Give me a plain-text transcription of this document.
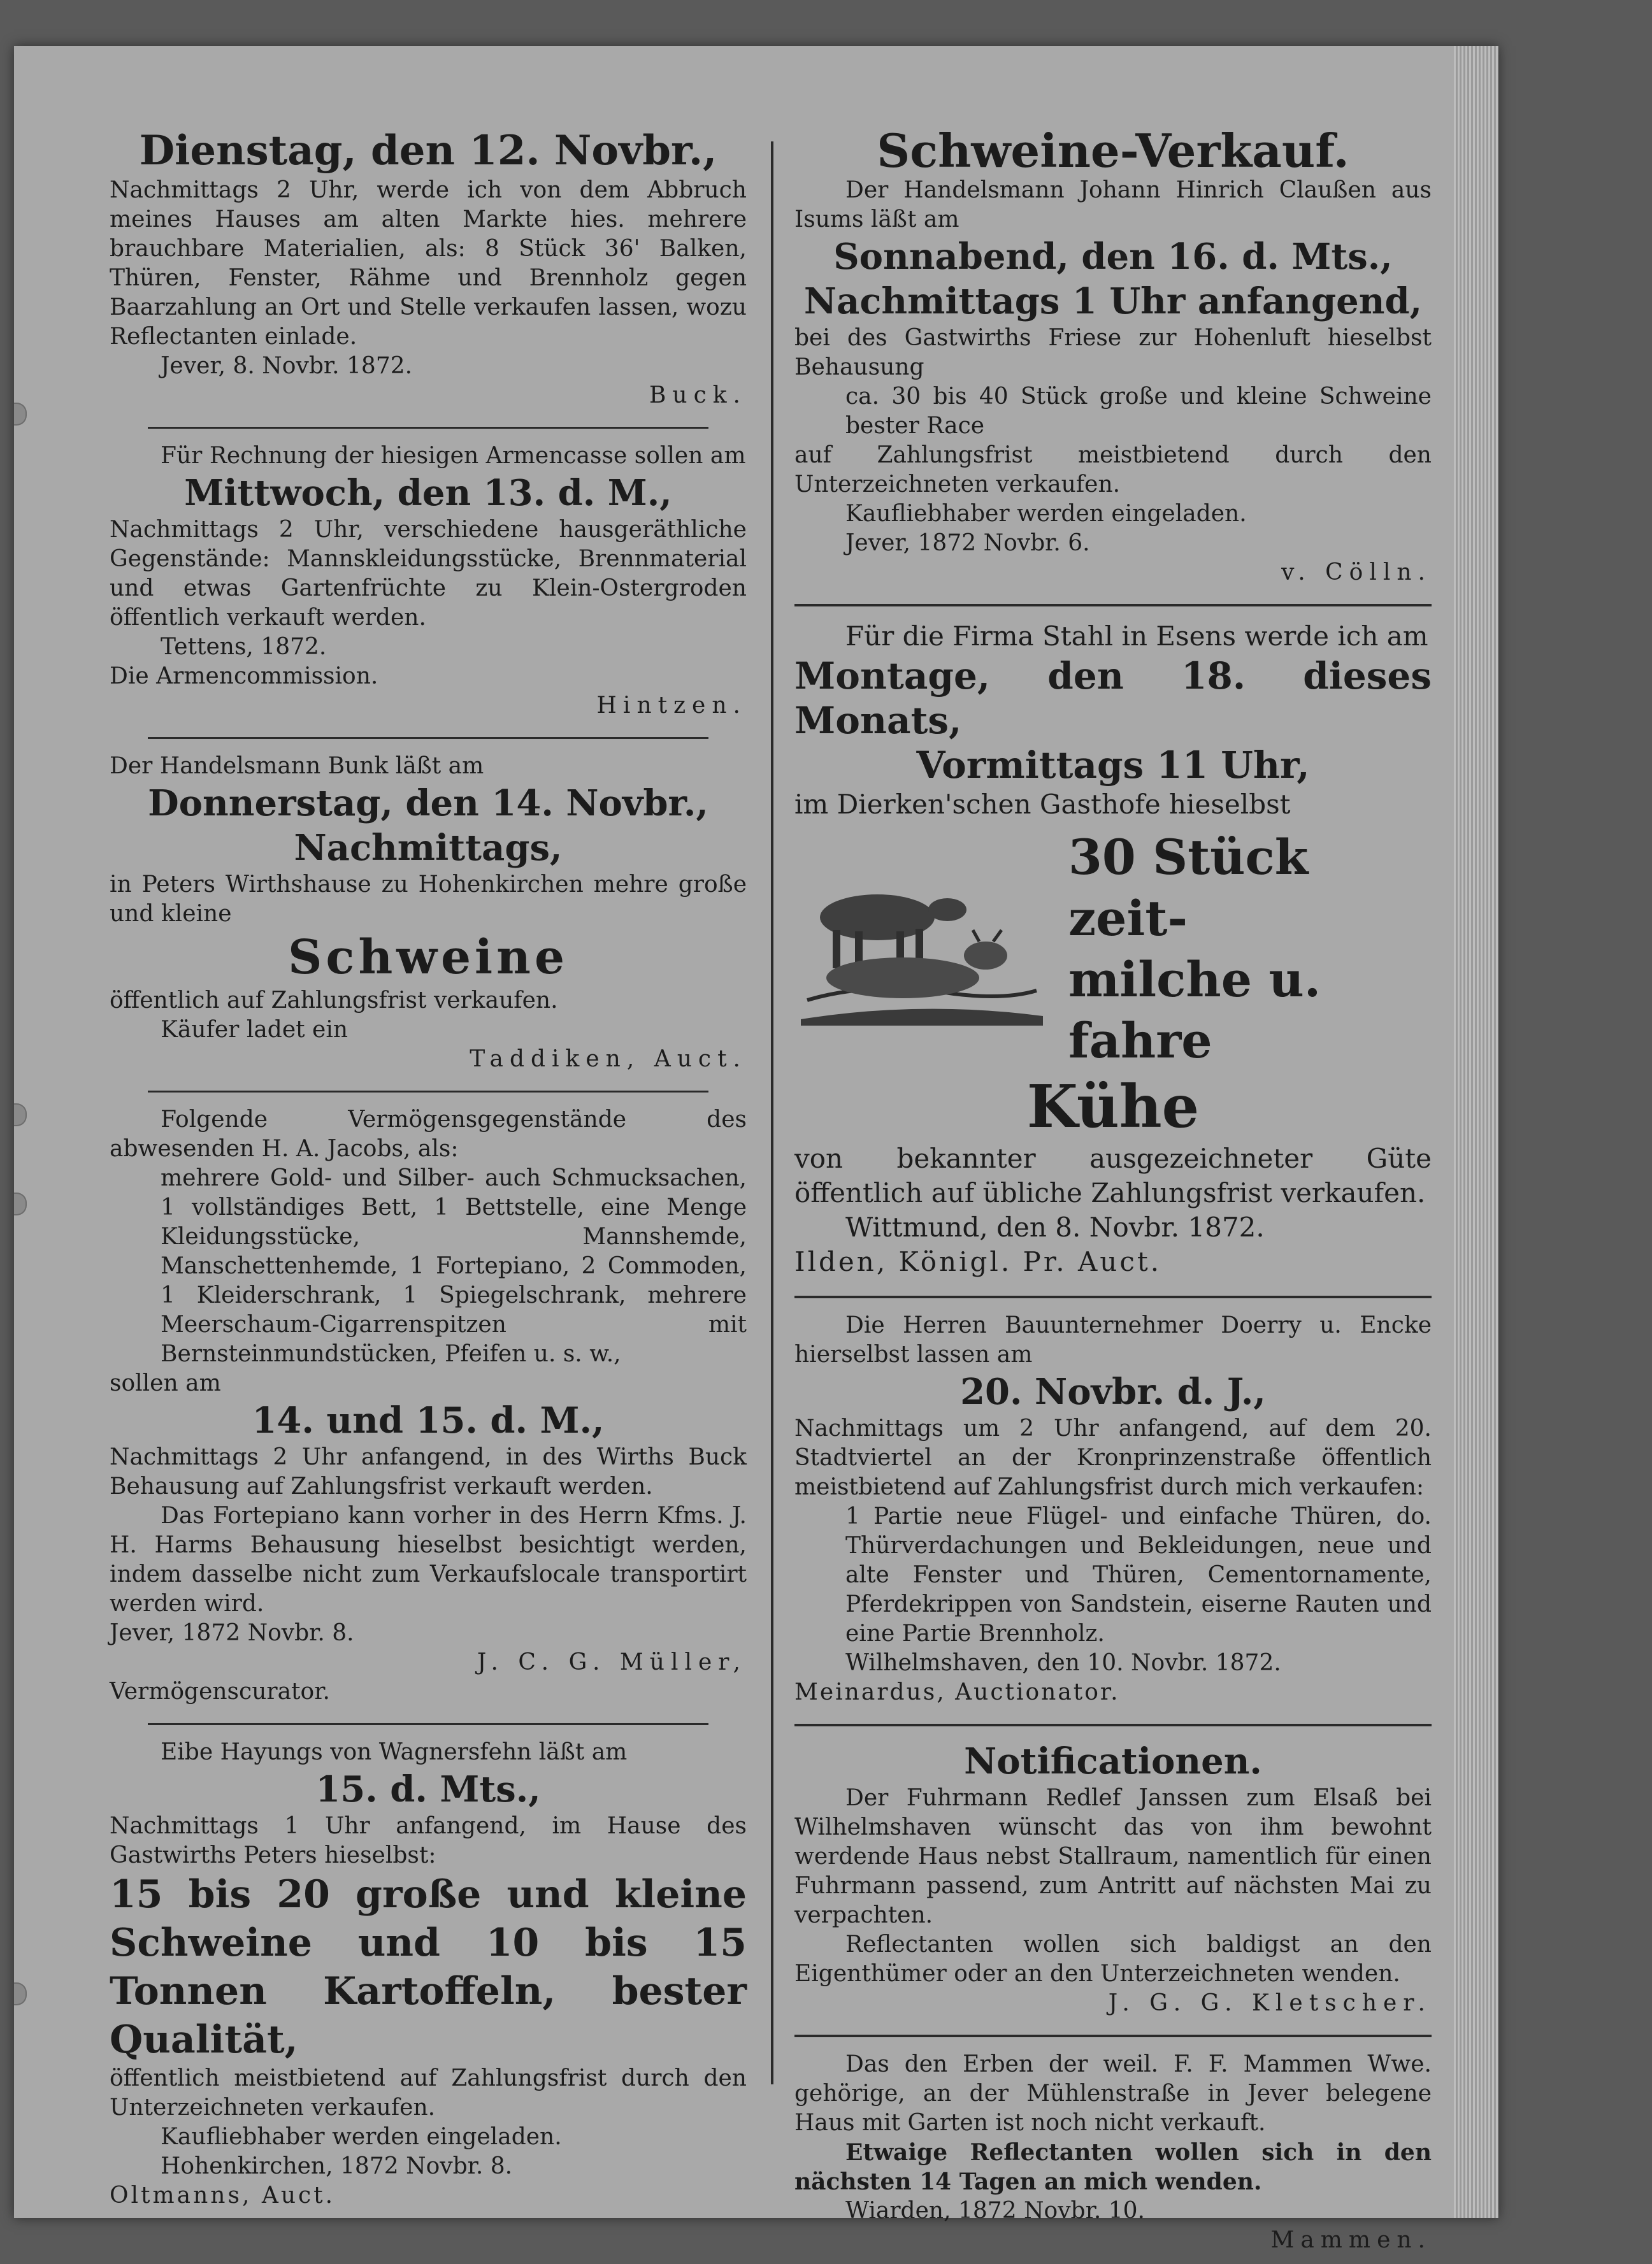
Dienstag, den 12. Novbr.,
Nachmittags 2 Uhr, werde ich von dem Abbruch meines Hauses am alten Markte hies. mehrere brauchbare Materialien, als: 8 Stück 36' Balken, Thüren, Fenster, Rähme und Brennholz gegen Baarzahlung an Ort und Stelle verkaufen lassen, wozu Reflectanten einlade.
Jever, 8. Novbr. 1872.
Buck.
Für Rechnung der hiesigen Armencasse sollen am
Mittwoch, den 13. d. M.,
Nachmittags 2 Uhr, verschiedene hausgeräthliche Gegenstände: Mannskleidungsstücke, Brennmaterial und etwas Gartenfrüchte zu Klein-Ostergroden öffentlich verkauft werden.
Tettens, 1872.
Die Armencommission.
Hintzen.
Der Handelsmann Bunk läßt am
Donnerstag, den 14. Novbr.,
Nachmittags,
in Peters Wirthshause zu Hohenkirchen mehre große und kleine
Schweine
öffentlich auf Zahlungsfrist verkaufen.
Käufer ladet ein
Taddiken, Auct.
Folgende Vermögensgegenstände des abwesenden H. A. Jacobs, als:
mehrere Gold- und Silber- auch Schmucksachen, 1 vollständiges Bett, 1 Bettstelle, eine Menge Kleidungsstücke, Mannshemde, Manschettenhemde, 1 Fortepiano, 2 Commoden, 1 Kleiderschrank, 1 Spiegelschrank, mehrere Meerschaum-Cigarrenspitzen mit Bernsteinmundstücken, Pfeifen u. s. w.,
sollen am
14. und 15. d. M.,
Nachmittags 2 Uhr anfangend, in des Wirths Buck Behausung auf Zahlungsfrist verkauft werden.
Das Fortepiano kann vorher in des Herrn Kfms. J. H. Harms Behausung hieselbst besichtigt werden, indem dasselbe nicht zum Verkaufslocale transportirt werden wird.
Jever, 1872 Novbr. 8.
J. C. G. Müller,
Vermögenscurator.
Eibe Hayungs von Wagnersfehn läßt am
15. d. Mts.,
Nachmittags 1 Uhr anfangend, im Hause des Gastwirths Peters hieselbst:
15 bis 20 große und kleine Schweine und 10 bis 15 Tonnen Kartoffeln, bester Qualität,
öffentlich meistbietend auf Zahlungsfrist durch den Unterzeichneten verkaufen.
Kaufliebhaber werden eingeladen.
Hohenkirchen, 1872 Novbr. 8.
Oltmanns, Auct.
Schweine-Verkauf.
Der Handelsmann Johann Hinrich Claußen aus Isums läßt am
Sonnabend, den 16. d. Mts.,
Nachmittags 1 Uhr anfangend,
bei des Gastwirths Friese zur Hohenluft hieselbst Behausung
ca. 30 bis 40 Stück große und kleine Schweine bester Race
auf Zahlungsfrist meistbietend durch den Unterzeichneten verkaufen.
Kaufliebhaber werden eingeladen.
Jever, 1872 Novbr. 6.
v. Cölln.
Für die Firma Stahl in Esens werde ich am
Montage, den 18. dieses Monats,
Vormittags 11 Uhr,
im Dierken'schen Gasthofe hieselbst
30 Stück zeit-
milche u. fahre
Kühe
von bekannter ausgezeichneter Güte öffentlich auf übliche Zahlungsfrist verkaufen.
Wittmund, den 8. Novbr. 1872.
Ilden, Königl. Pr. Auct.
Die Herren Bauunternehmer Doerry u. Encke hierselbst lassen am
20. Novbr. d. J.,
Nachmittags um 2 Uhr anfangend, auf dem 20. Stadtviertel an der Kronprinzenstraße öffentlich meistbietend auf Zahlungsfrist durch mich verkaufen:
1 Partie neue Flügel- und einfache Thüren, do. Thürverdachungen und Bekleidungen, neue und alte Fenster und Thüren, Cementornamente, Pferdekrippen von Sandstein, eiserne Rauten und eine Partie Brennholz.
Wilhelmshaven, den 10. Novbr. 1872.
Meinardus, Auctionator.
Notificationen.
Der Fuhrmann Redlef Janssen zum Elsaß bei Wilhelmshaven wünscht das von ihm bewohnt werdende Haus nebst Stallraum, namentlich für einen Fuhrmann passend, zum Antritt auf nächsten Mai zu verpachten.
Reflectanten wollen sich baldigst an den Eigenthümer oder an den Unterzeichneten wenden.
J. G. G. Kletscher.
Das den Erben der weil. F. F. Mammen Wwe. gehörige, an der Mühlenstraße in Jever belegene Haus mit Garten ist noch nicht verkauft.
Etwaige Reflectanten wollen sich in den nächsten 14 Tagen an mich wenden.
Wiarden, 1872 Novbr. 10.
Mammen.
